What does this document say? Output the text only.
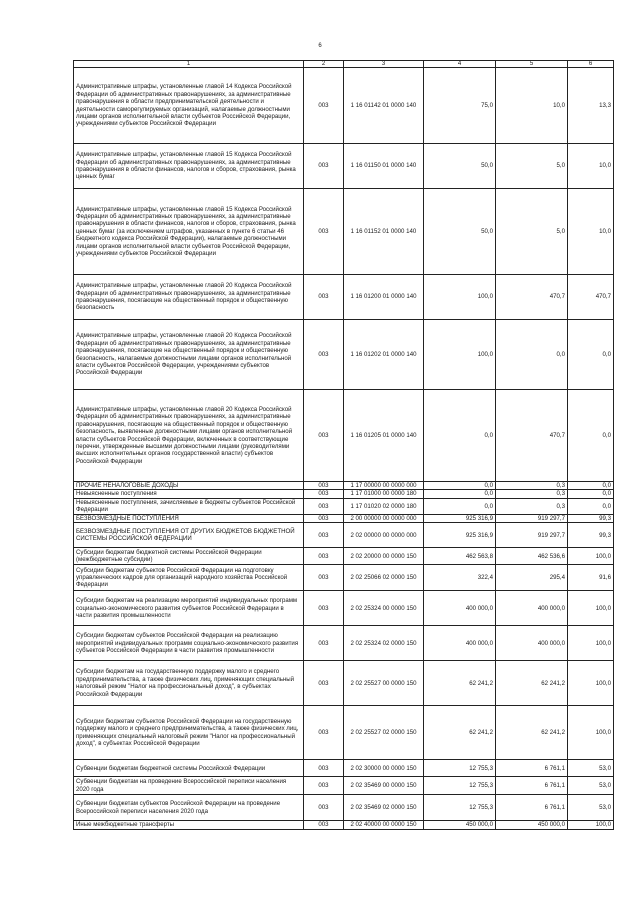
6
1	2	3	4	5	6
Административные штрафы, установленные главой 14 Кодекса Российской Федерации об административных правонарушениях, за административные правонарушения в области предпринимательской деятельности и деятельности саморегулируемых организаций, налагаемые должностными лицами органов исполнительной власти субъектов Российской Федерации, учреждениями субъектов Российской Федерации	003	1 16 01142 01 0000 140	75,0	10,0	13,3
Административные штрафы, установленные главой 15 Кодекса Российской Федерации об административных правонарушениях, за административные правонарушения в области финансов, налогов и сборов, страхования, рынка ценных бумаг	003	1 16 01150 01 0000 140	50,0	5,0	10,0
Административные штрафы, установленные главой 15 Кодекса Российской Федерации об административных правонарушениях, за административные правонарушения в области финансов, налогов и сборов, страхования, рынка ценных бумаг (за исключением штрафов, указанных в пункте 6 статьи 46 Бюджетного кодекса Российской Федерации), налагаемые должностными лицами органов исполнительной власти субъектов Российской Федерации, учреждениями субъектов Российской Федерации	003	1 16 01152 01 0000 140	50,0	5,0	10,0
Административные штрафы, установленные главой 20 Кодекса Российской Федерации об административных правонарушениях, за административные правонарушения, посягающие на общественный порядок и общественную безопасность	003	1 16 01200 01 0000 140	100,0	470,7	470,7
Административные штрафы, установленные главой 20 Кодекса Российской Федерации об административных правонарушениях, за административные правонарушения, посягающие на общественный порядок и общественную безопасность, налагаемые должностными лицами органов исполнительной власти субъектов Российской Федерации, учреждениями субъектов Российской Федерации	003	1 16 01202 01 0000 140	100,0	0,0	0,0
Административные штрафы, установленные главой 20 Кодекса Российской Федерации об административных правонарушениях, за административные правонарушения, посягающие на общественный порядок и общественную безопасность, выявленные должностными лицами органов исполнительной власти субъектов Российской Федерации, включенных в соответствующие перечни, утвержденные высшими должностными лицами (руководителями высших исполнительных органов государственной власти) субъектов Российской Федерации	003	1 16 01205 01 0000 140	0,0	470,7	0,0
ПРОЧИЕ НЕНАЛОГОВЫЕ ДОХОДЫ	003	1 17 00000 00 0000 000	0,0	0,3	0,0
Невыясненные поступления	003	1 17 01000 00 0000 180	0,0	0,3	0,0
Невыясненные поступления, зачисляемые в бюджеты субъектов Российской Федерации	003	1 17 01020 02 0000 180	0,0	0,3	0,0
БЕЗВОЗМЕЗДНЫЕ ПОСТУПЛЕНИЯ	003	2 00 00000 00 0000 000	925 316,9	919 297,7	99,3
БЕЗВОЗМЕЗДНЫЕ ПОСТУПЛЕНИЯ ОТ ДРУГИХ БЮДЖЕТОВ БЮДЖЕТНОЙ СИСТЕМЫ РОССИЙСКОЙ ФЕДЕРАЦИИ	003	2 02 00000 00 0000 000	925 316,9	919 297,7	99,3
Субсидии бюджетам бюджетной системы Российской Федерации (межбюджетные субсидии)	003	2 02 20000 00 0000 150	462 563,8	462 536,6	100,0
Субсидии бюджетам субъектов Российской Федерации на подготовку управленческих кадров для организаций народного хозяйства Российской Федерации	003	2 02 25066 02 0000 150	322,4	295,4	91,6
Субсидии бюджетам на реализацию мероприятий индивидуальных программ социально-экономического развития субъектов Российской Федерации в части развития промышленности	003	2 02 25324 00 0000 150	400 000,0	400 000,0	100,0
Субсидии бюджетам субъектов Российской Федерации на реализацию мероприятий индивидуальных программ социально-экономического развития субъектов Российской Федерации в части развития промышленности	003	2 02 25324 02 0000 150	400 000,0	400 000,0	100,0
Субсидии бюджетам на государственную поддержку малого и среднего предпринимательства, а также физических лиц, применяющих специальный налоговый режим "Налог на профессиональный доход", в субъектах Российской Федерации	003	2 02 25527 00 0000 150	62 241,2	62 241,2	100,0
Субсидии бюджетам субъектов Российской Федерации на государственную поддержку малого и среднего предпринимательства, а также физических лиц, применяющих специальный налоговый режим "Налог на профессиональный доход", в субъектах Российской Федерации	003	2 02 25527 02 0000 150	62 241,2	62 241,2	100,0
Субвенции бюджетам бюджетной системы Российской Федерации	003	2 02 30000 00 0000 150	12 755,3	6 761,1	53,0
Субвенции бюджетам на проведение Всероссийской переписи населения 2020 года	003	2 02 35469 00 0000 150	12 755,3	6 761,1	53,0
Субвенции бюджетам субъектов Российской Федерации на проведение Всероссийской переписи населения 2020 года	003	2 02 35469 02 0000 150	12 755,3	6 761,1	53,0
Иные межбюджетные трансферты	003	2 02 40000 00 0000 150	450 000,0	450 000,0	100,0
